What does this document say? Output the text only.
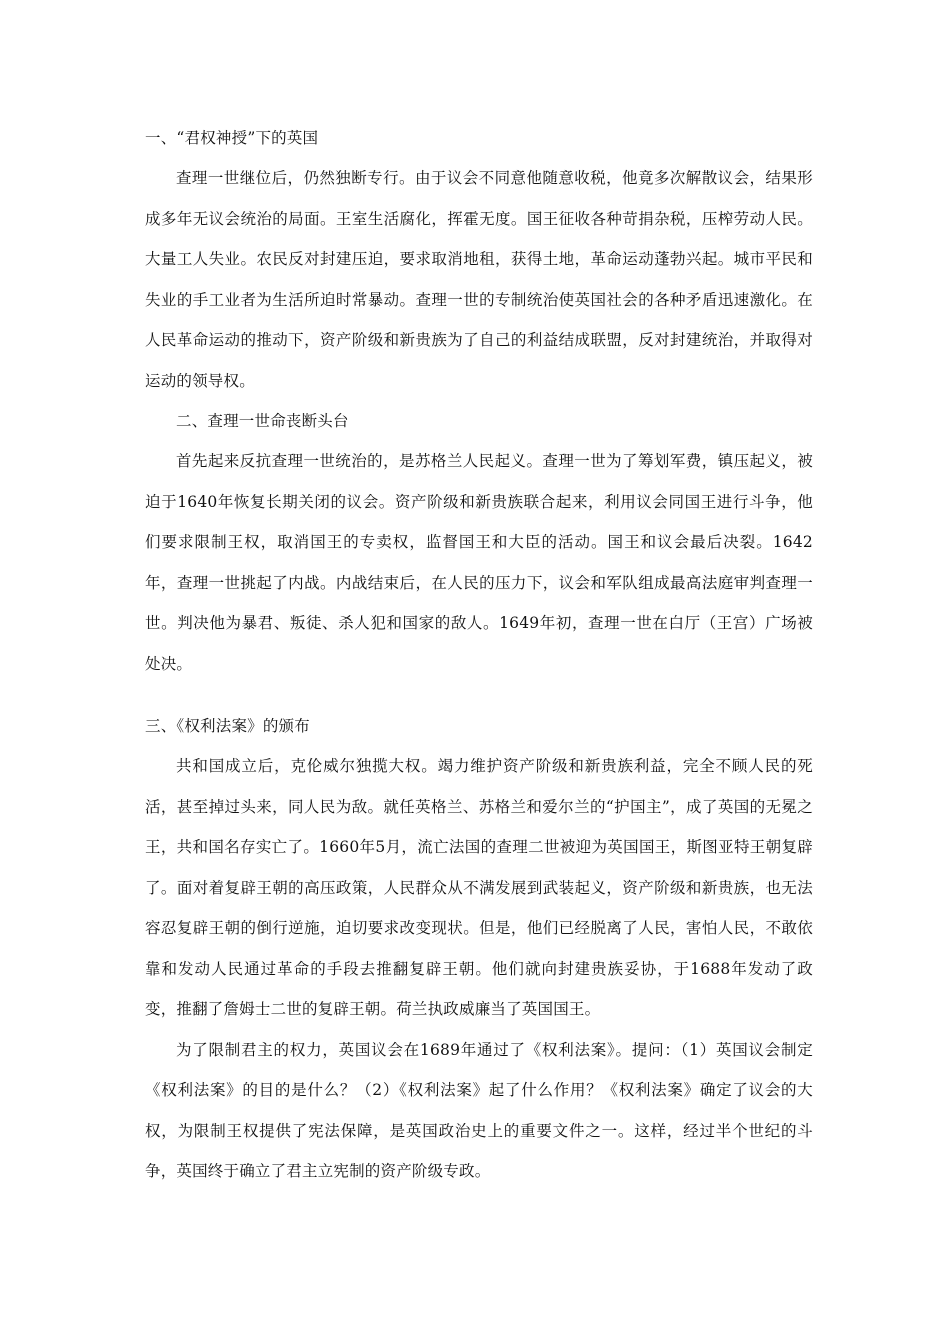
一、“君权神授”下的英国

查理一世继位后，仍然独断专行。由于议会不同意他随意收税，他竟多次解散议会，结果形成多年无议会统治的局面。王室生活腐化，挥霍无度。国王征收各种苛捐杂税，压榨劳动人民。大量工人失业。农民反对封建压迫，要求取消地租，获得土地，革命运动蓬勃兴起。城市平民和失业的手工业者为生活所迫时常暴动。查理一世的专制统治使英国社会的各种矛盾迅速激化。在人民革命运动的推动下，资产阶级和新贵族为了自己的利益结成联盟，反对封建统治，并取得对运动的领导权。

二、查理一世命丧断头台

首先起来反抗查理一世统治的，是苏格兰人民起义。查理一世为了筹划军费，镇压起义，被迫于1640年恢复长期关闭的议会。资产阶级和新贵族联合起来，利用议会同国王进行斗争，他们要求限制王权，取消国王的专卖权，监督国王和大臣的活动。国王和议会最后决裂。1642年，查理一世挑起了内战。内战结束后，在人民的压力下，议会和军队组成最高法庭审判查理一世。判决他为暴君、叛徒、杀人犯和国家的敌人。1649年初，查理一世在白厅（王宫）广场被处决。

三、《权利法案》的颁布

共和国成立后，克伦威尔独揽大权。竭力维护资产阶级和新贵族利益，完全不顾人民的死活，甚至掉过头来，同人民为敌。就任英格兰、苏格兰和爱尔兰的“护国主”，成了英国的无冕之王，共和国名存实亡了。1660年5月，流亡法国的查理二世被迎为英国国王，斯图亚特王朝复辟了。面对着复辟王朝的高压政策，人民群众从不满发展到武装起义，资产阶级和新贵族，也无法容忍复辟王朝的倒行逆施，迫切要求改变现状。但是，他们已经脱离了人民，害怕人民，不敢依靠和发动人民通过革命的手段去推翻复辟王朝。他们就向封建贵族妥协，于1688年发动了政变，推翻了詹姆士二世的复辟王朝。荷兰执政威廉当了英国国王。

为了限制君主的权力，英国议会在1689年通过了《权利法案》。提问：（1）英国议会制定《权利法案》的目的是什么？（2）《权利法案》起了什么作用？《权利法案》确定了议会的大权，为限制王权提供了宪法保障，是英国政治史上的重要文件之一。这样，经过半个世纪的斗争，英国终于确立了君主立宪制的资产阶级专政。
